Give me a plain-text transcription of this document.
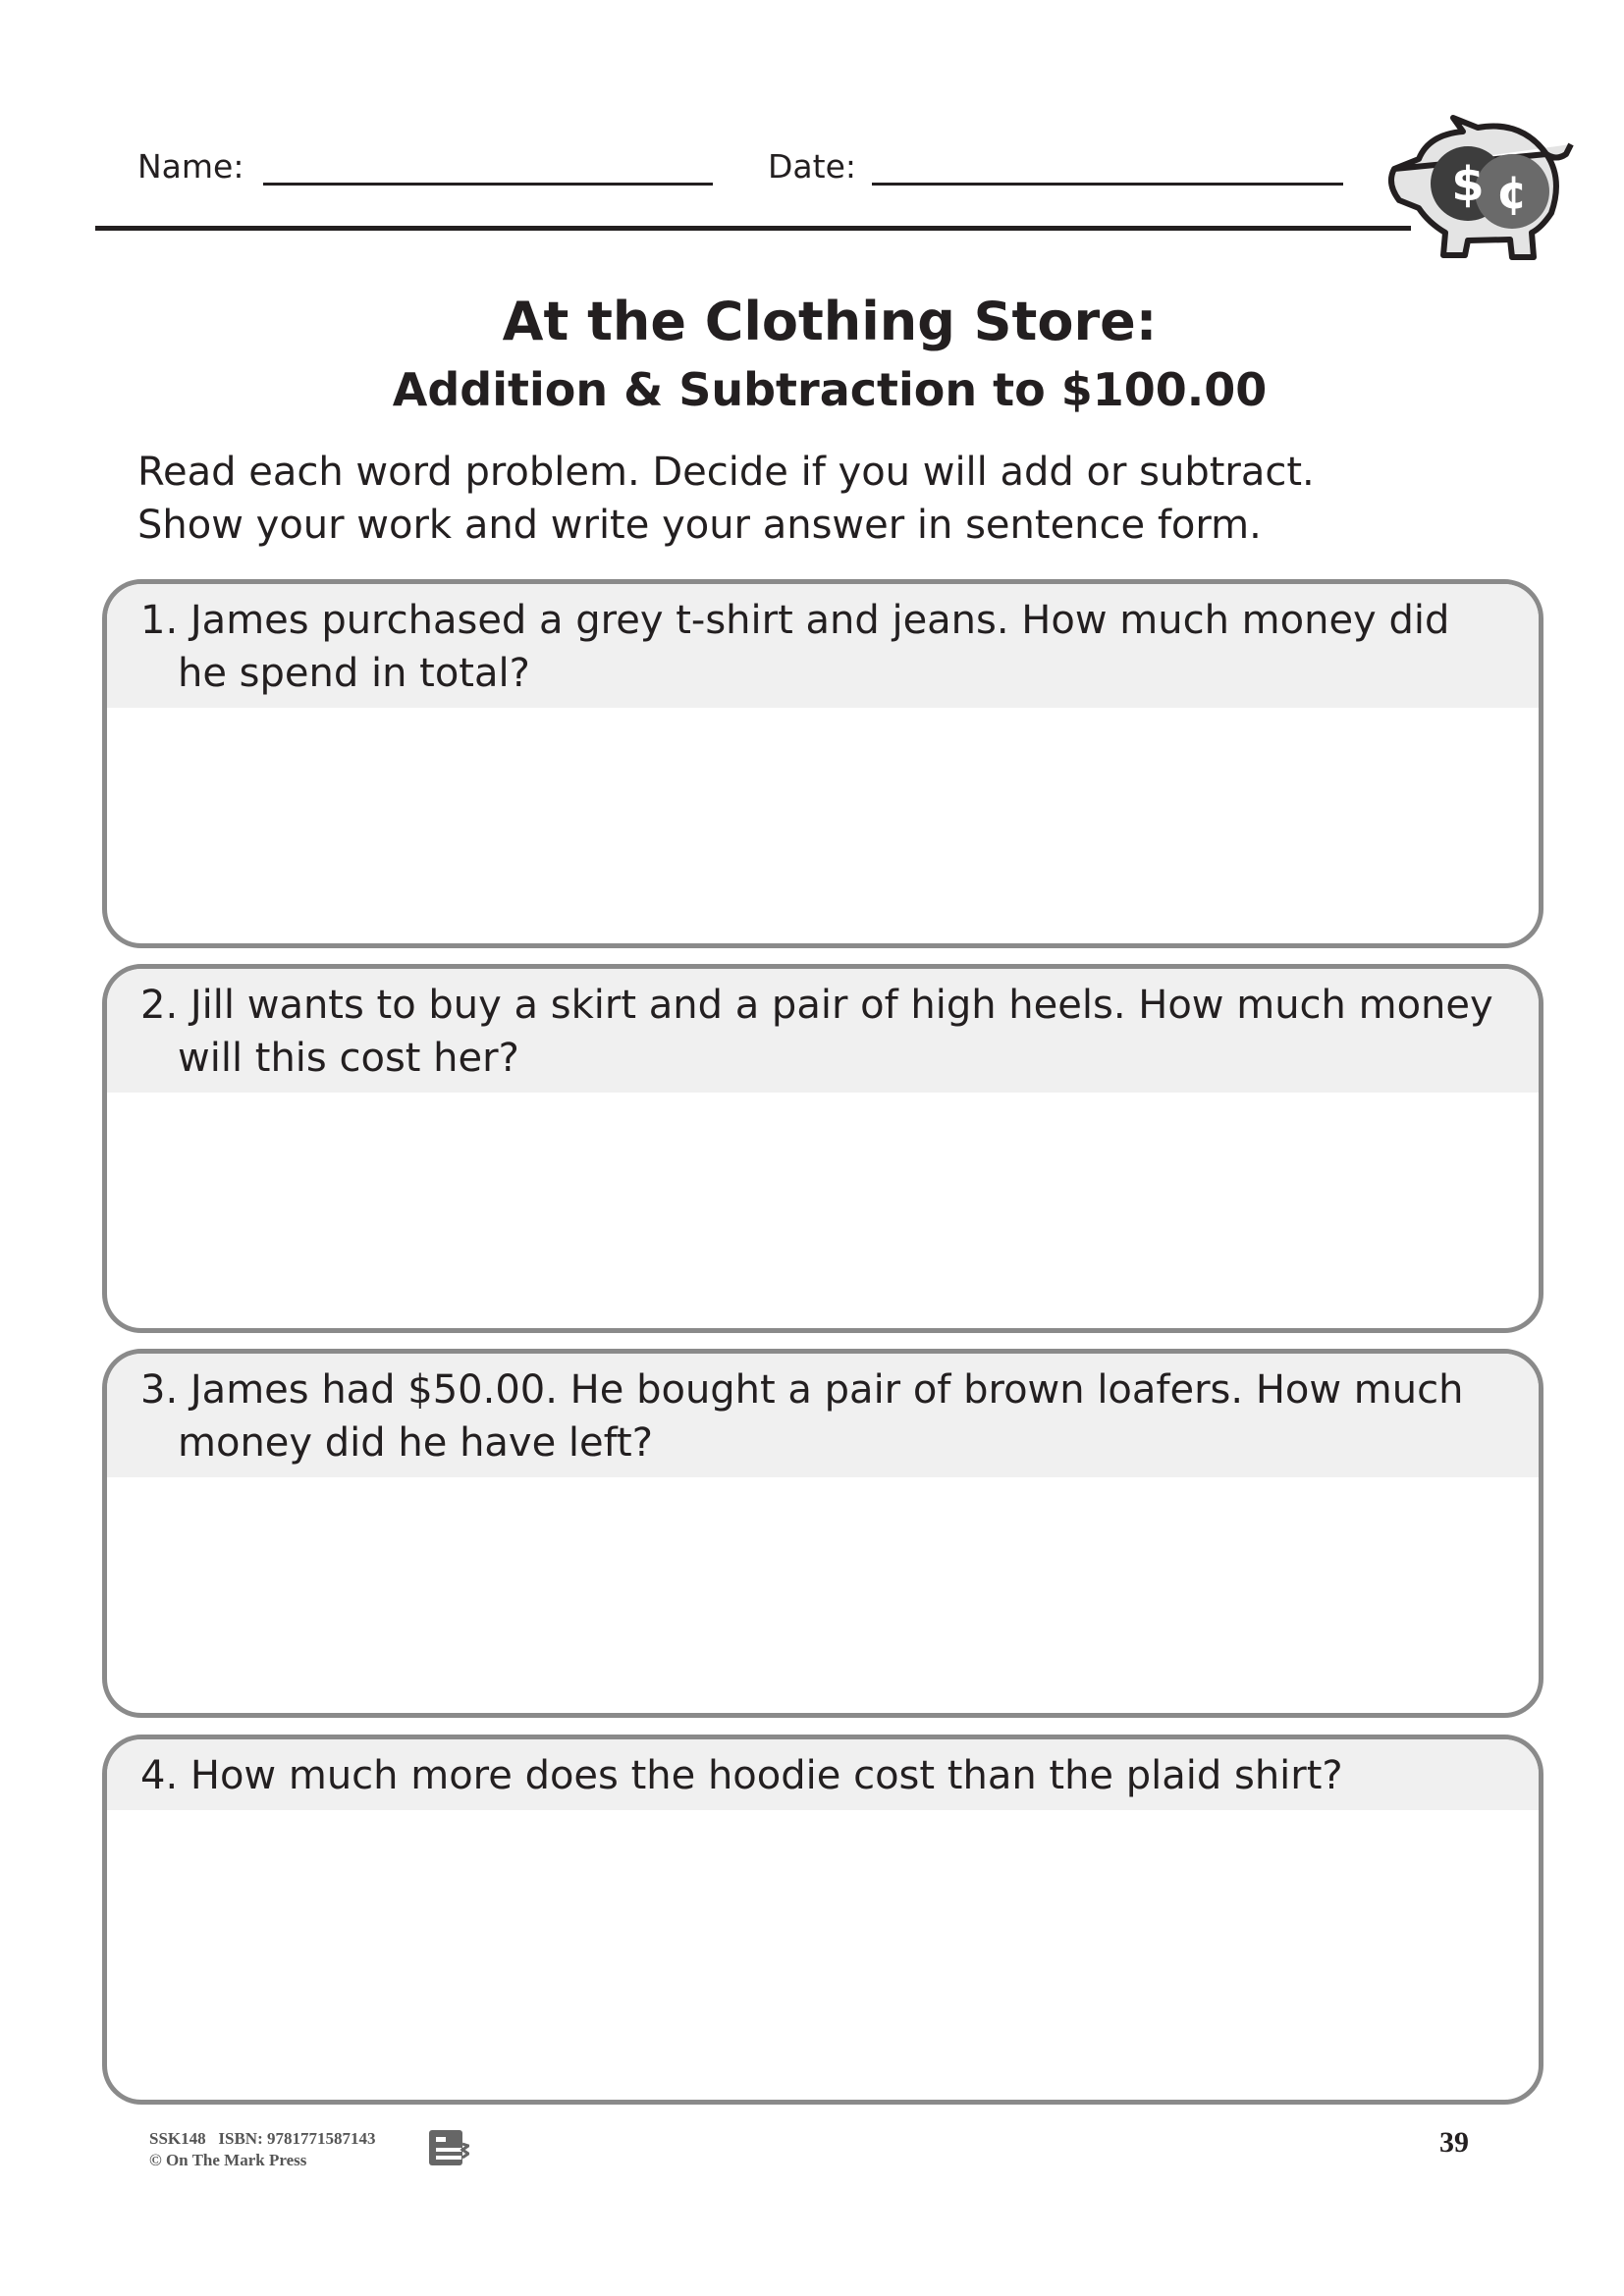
Name:	Date:	$ ¢
At the Clothing Store:
Addition & Subtraction to $100.00
Read each word problem. Decide if you will add or subtract.
Show your work and write your answer in sentence form.
1. James purchased a grey t-shirt and jeans. How much money did he spend in total?
2. Jill wants to buy a skirt and a pair of high heels. How much money will this cost her?
3. James had $50.00. He bought a pair of brown loafers. How much money did he have left?
4. How much more does the hoodie cost than the plaid shirt?
SSK148 ISBN: 9781771587143
© On The Mark Press
39
